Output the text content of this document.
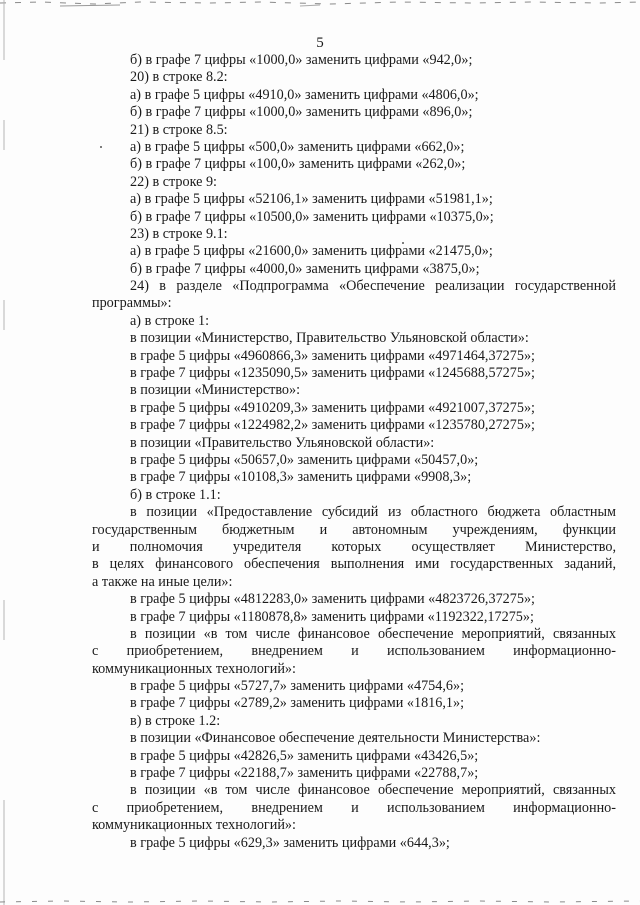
5
б) в графе 7 цифры «1000,0» заменить цифрами «942,0»;
20) в строке 8.2:
а) в графе 5 цифры «4910,0» заменить цифрами «4806,0»;
б) в графе 7 цифры «1000,0» заменить цифрами «896,0»;
21) в строке 8.5:
а) в графе 5 цифры «500,0» заменить цифрами «662,0»;
б) в графе 7 цифры «100,0» заменить цифрами «262,0»;
22) в строке 9:
а) в графе 5 цифры «52106,1» заменить цифрами «51981,1»;
б) в графе 7 цифры «10500,0» заменить цифрами «10375,0»;
23) в строке 9.1:
а) в графе 5 цифры «21600,0» заменить цифрами «21475,0»;
б) в графе 7 цифры «4000,0» заменить цифрами «3875,0»;
24) в разделе «Подпрограмма «Обеспечение реализации государственной
программы»:
а) в строке 1:
в позиции «Министерство, Правительство Ульяновской области»:
в графе 5 цифры «4960866,3» заменить цифрами «4971464,37275»;
в графе 7 цифры «1235090,5» заменить цифрами «1245688,57275»;
в позиции «Министерство»:
в графе 5 цифры «4910209,3» заменить цифрами «4921007,37275»;
в графе 7 цифры «1224982,2» заменить цифрами «1235780,27275»;
в позиции «Правительство Ульяновской области»:
в графе 5 цифры «50657,0» заменить цифрами «50457,0»;
в графе 7 цифры «10108,3» заменить цифрами «9908,3»;
б) в строке 1.1:
в позиции «Предоставление субсидий из областного бюджета областным
государственным бюджетным и автономным учреждениям, функции
и полномочия учредителя которых осуществляет Министерство,
в целях финансового обеспечения выполнения ими государственных заданий,
а также на иные цели»:
в графе 5 цифры «4812283,0» заменить цифрами «4823726,37275»;
в графе 7 цифры «1180878,8» заменить цифрами «1192322,17275»;
в позиции «в том числе финансовое обеспечение мероприятий, связанных
с приобретением, внедрением и использованием информационно-
коммуникационных технологий»:
в графе 5 цифры «5727,7» заменить цифрами «4754,6»;
в графе 7 цифры «2789,2» заменить цифрами «1816,1»;
в) в строке 1.2:
в позиции «Финансовое обеспечение деятельности Министерства»:
в графе 5 цифры «42826,5» заменить цифрами «43426,5»;
в графе 7 цифры «22188,7» заменить цифрами «22788,7»;
в позиции «в том числе финансовое обеспечение мероприятий, связанных
с приобретением, внедрением и использованием информационно-
коммуникационных технологий»:
в графе 5 цифры «629,3» заменить цифрами «644,3»;
